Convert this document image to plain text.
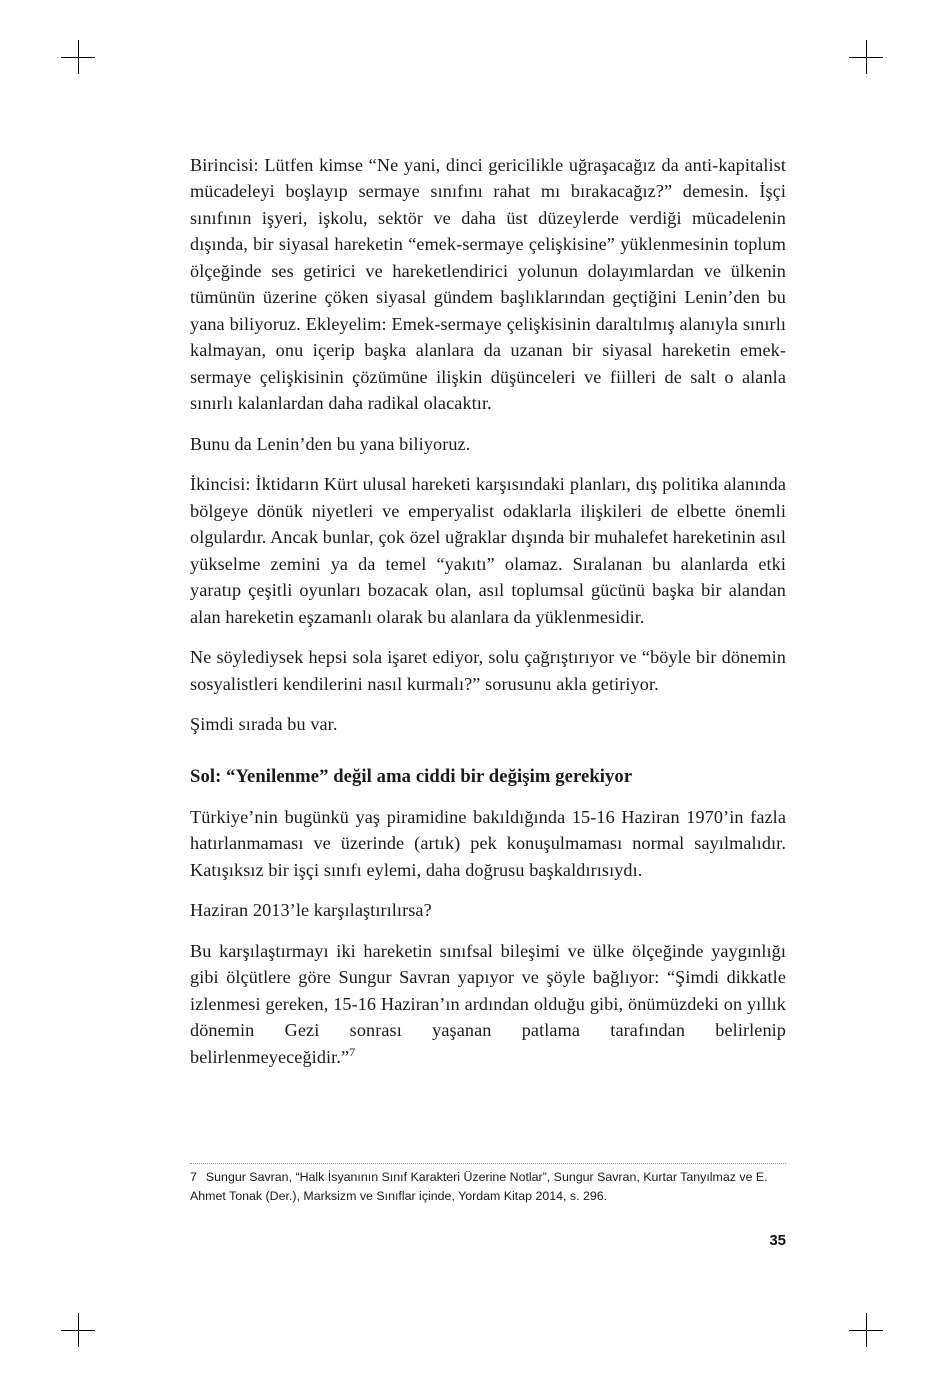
Birincisi: Lütfen kimse “Ne yani, dinci gericilikle uğraşacağız da anti-kapitalist mücadeleyi boşlayıp sermaye sınıfını rahat mı bırakacağız?” demesin. İşçi sınıfının işyeri, işkolu, sektör ve daha üst düzeylerde verdiği mücadelenin dışında, bir siyasal hareketin “emek-sermaye çelişkisine” yüklenmesinin toplum ölçeğinde ses getirici ve hareketlendirici yolunun dolayımlardan ve ülkenin tümünün üzerine çöken siyasal gündem başlıklarından geçtiğini Lenin’den bu yana biliyoruz. Ekleyelim: Emek-sermaye çelişkisinin daraltılmış alanıyla sınırlı kalmayan, onu içerip başka alanlara da uzanan bir siyasal hareketin emek-sermaye çelişkisinin çözümüne ilişkin düşünceleri ve fiilleri de salt o alanla sınırlı kalanlardan daha radikal olacaktır.

Bunu da Lenin’den bu yana biliyoruz.

İkincisi: İktidarın Kürt ulusal hareketi karşısındaki planları, dış politika alanında bölgeye dönük niyetleri ve emperyalist odaklarla ilişkileri de elbette önemli olgulardır. Ancak bunlar, çok özel uğraklar dışında bir muhalefet hareketinin asıl yükselme zemini ya da temel “yakıtı” olamaz. Sıralanan bu alanlarda etki yaratıp çeşitli oyunları bozacak olan, asıl toplumsal gücünü başka bir alandan alan hareketin eşzamanlı olarak bu alanlara da yüklenmesidir.

Ne söylediysek hepsi sola işaret ediyor, solu çağrıştırıyor ve “böyle bir dönemin sosyalistleri kendilerini nasıl kurmalı?” sorusunu akla getiriyor.

Şimdi sırada bu var.

Sol: “Yenilenme” değil ama ciddi bir değişim gerekiyor

Türkiye’nin bugünkü yaş piramidine bakıldığında 15-16 Haziran 1970’in fazla hatırlanmaması ve üzerinde (artık) pek konuşulmaması normal sayılmalıdır. Katışıksız bir işçi sınıfı eylemi, daha doğrusu başkaldırısıydı.

Haziran 2013’le karşılaştırılırsa?

Bu karşılaştırmayı iki hareketin sınıfsal bileşimi ve ülke ölçeğinde yaygınlığı gibi ölçütlere göre Sungur Savran yapıyor ve şöyle bağlıyor: “Şimdi dikkatle izlenmesi gereken, 15-16 Haziran’ın ardından olduğu gibi, önümüzdeki on yıllık dönemin Gezi sonrası yaşanan patlama tarafından belirlenip belirlenmeyeceğidir.”$^7$

7 Sungur Savran, “Halk İsyanının Sınıf Karakteri Üzerine Notlar”, Sungur Savran, Kurtar Tanyılmaz ve E. Ahmet Tonak (Der.), Marksizm ve Sınıflar içinde, Yordam Kitap 2014, s. 296.
35
